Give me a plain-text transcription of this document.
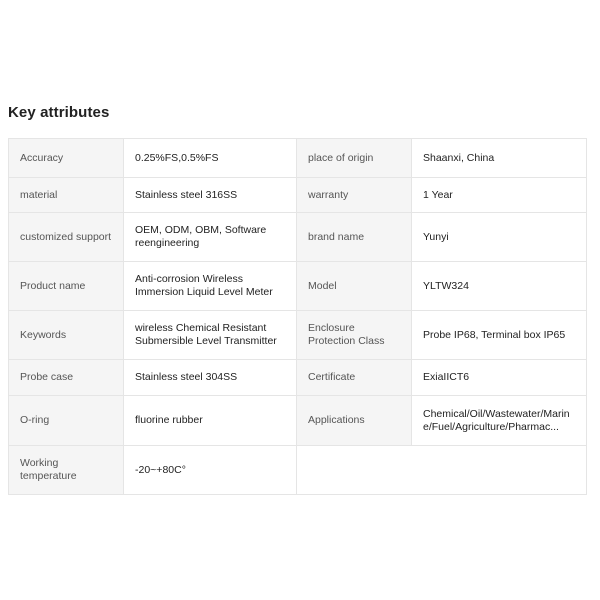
Key attributes
Accuracy	0.25%FS,0.5%FS	place of origin	Shaanxi, China
material	Stainless steel 316SS	warranty	1 Year
customized support	OEM, ODM, OBM, Software reengineering	brand name	Yunyi
Product name	Anti-corrosion Wireless Immersion Liquid Level Meter	Model	YLTW324
Keywords	wireless Chemical Resistant Submersible Level Transmitter	Enclosure Protection Class	Probe IP68, Terminal box IP65
Probe case	Stainless steel 304SS	Certificate	ExiaIICT6
O-ring	fluorine rubber	Applications	Chemical/Oil/Wastewater/Marine/Fuel/Agriculture/Pharmac...

Working temperature	-20~+80C°		
